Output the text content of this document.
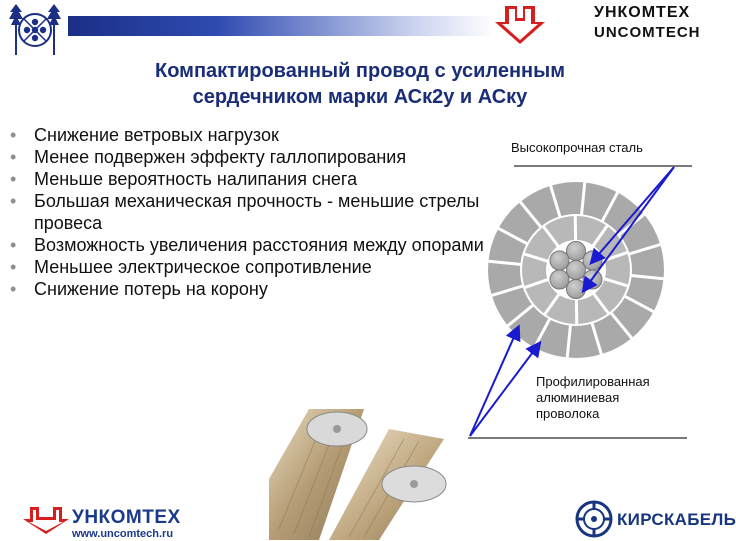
УНКОМТЕХ
UNCOMTECH
Компактированный провод с усиленным
сердечником марки АСк2у и АСку
• Снижение ветровых нагрузок
• Менее подвержен эффекту галлопирования
• Меньше вероятность налипания снега
• Большая механическая прочность - меньшие стрелы провеса
• Возможность увеличения расстояния между опорами
• Меньшее электрическое сопротивление
• Снижение потерь на корону
Высокопрочная сталь
Профилированная
алюминиевая
проволока
УНКОМТЕХ
www.uncomtech.ru
КИРСКАБЕЛЬ
